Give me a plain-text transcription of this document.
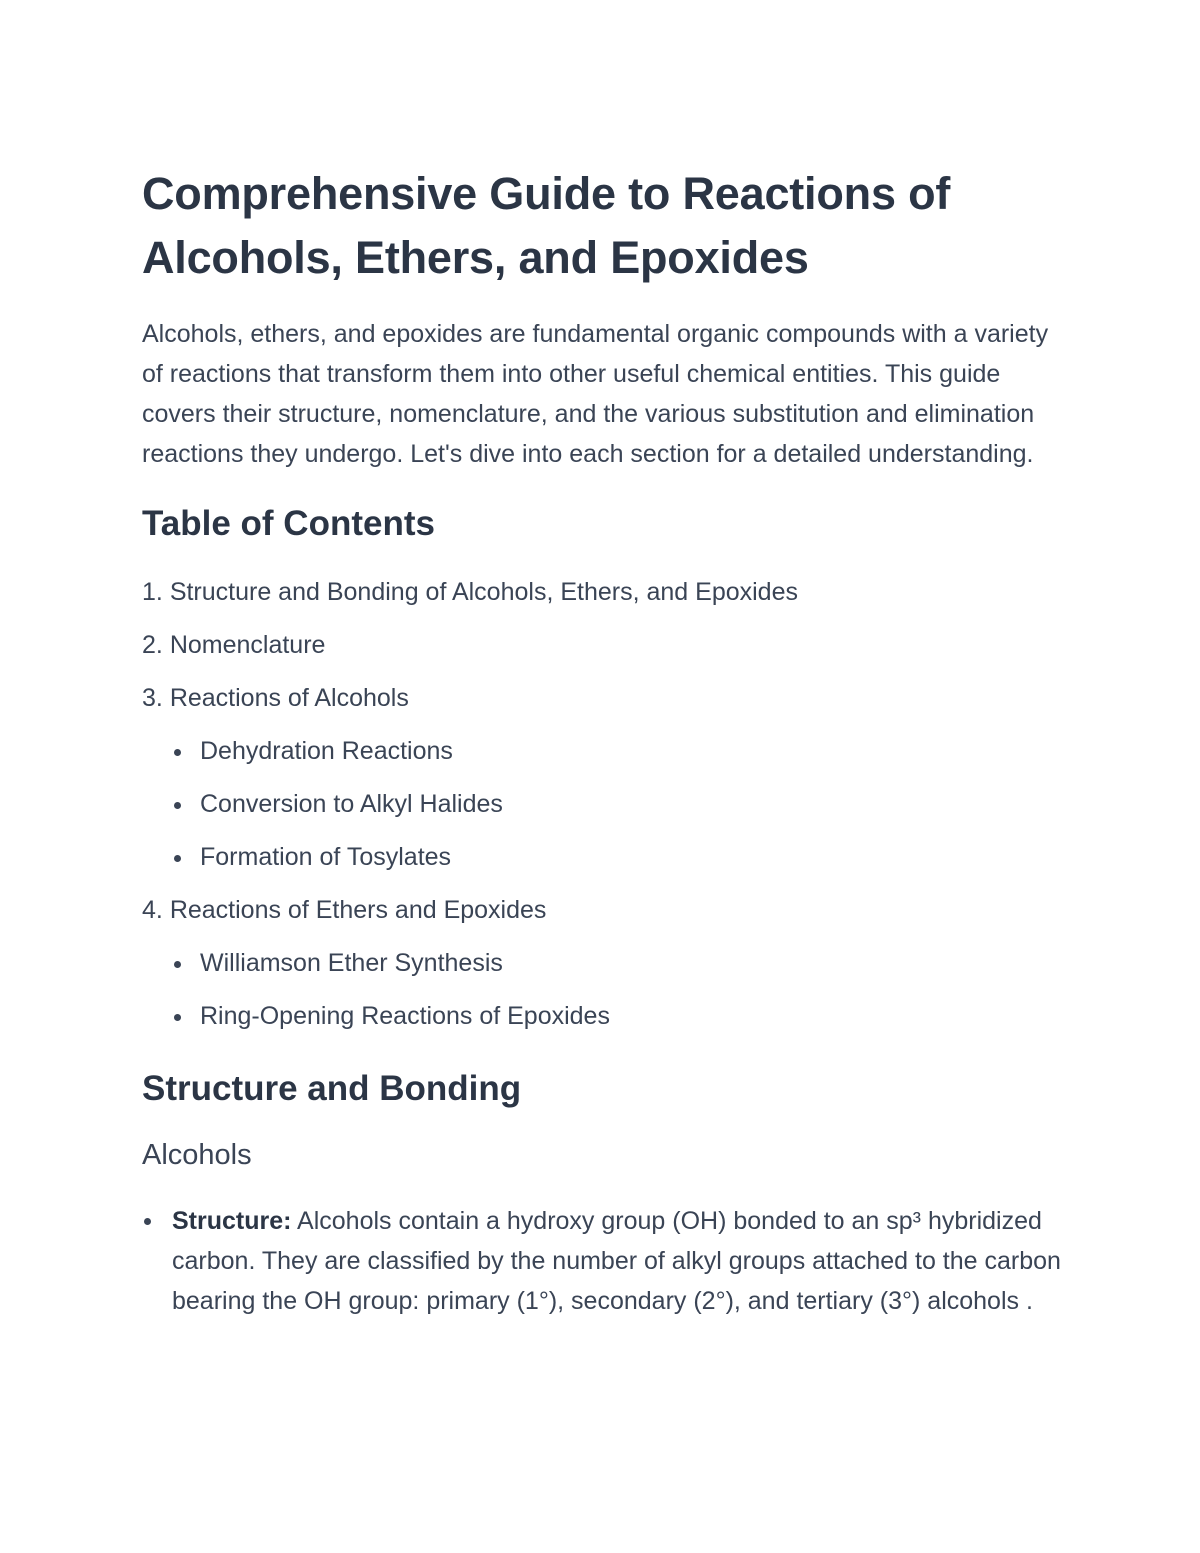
Comprehensive Guide to Reactions of Alcohols, Ethers, and Epoxides

Alcohols, ethers, and epoxides are fundamental organic compounds with a variety of reactions that transform them into other useful chemical entities. This guide covers their structure, nomenclature, and the various substitution and elimination reactions they undergo. Let's dive into each section for a detailed understanding.

Table of Contents
1. Structure and Bonding of Alcohols, Ethers, and Epoxides
2. Nomenclature
3. Reactions of Alcohols
Dehydration Reactions
Conversion to Alkyl Halides
Formation of Tosylates
4. Reactions of Ethers and Epoxides
Williamson Ether Synthesis
Ring-Opening Reactions of Epoxides
Structure and Bonding
Alcohols
Structure: Alcohols contain a hydroxy group (OH) bonded to an sp³ hybridized carbon. They are classified by the number of alkyl groups attached to the carbon bearing the OH group: primary (1°), secondary (2°), and tertiary (3°) alcohols .
